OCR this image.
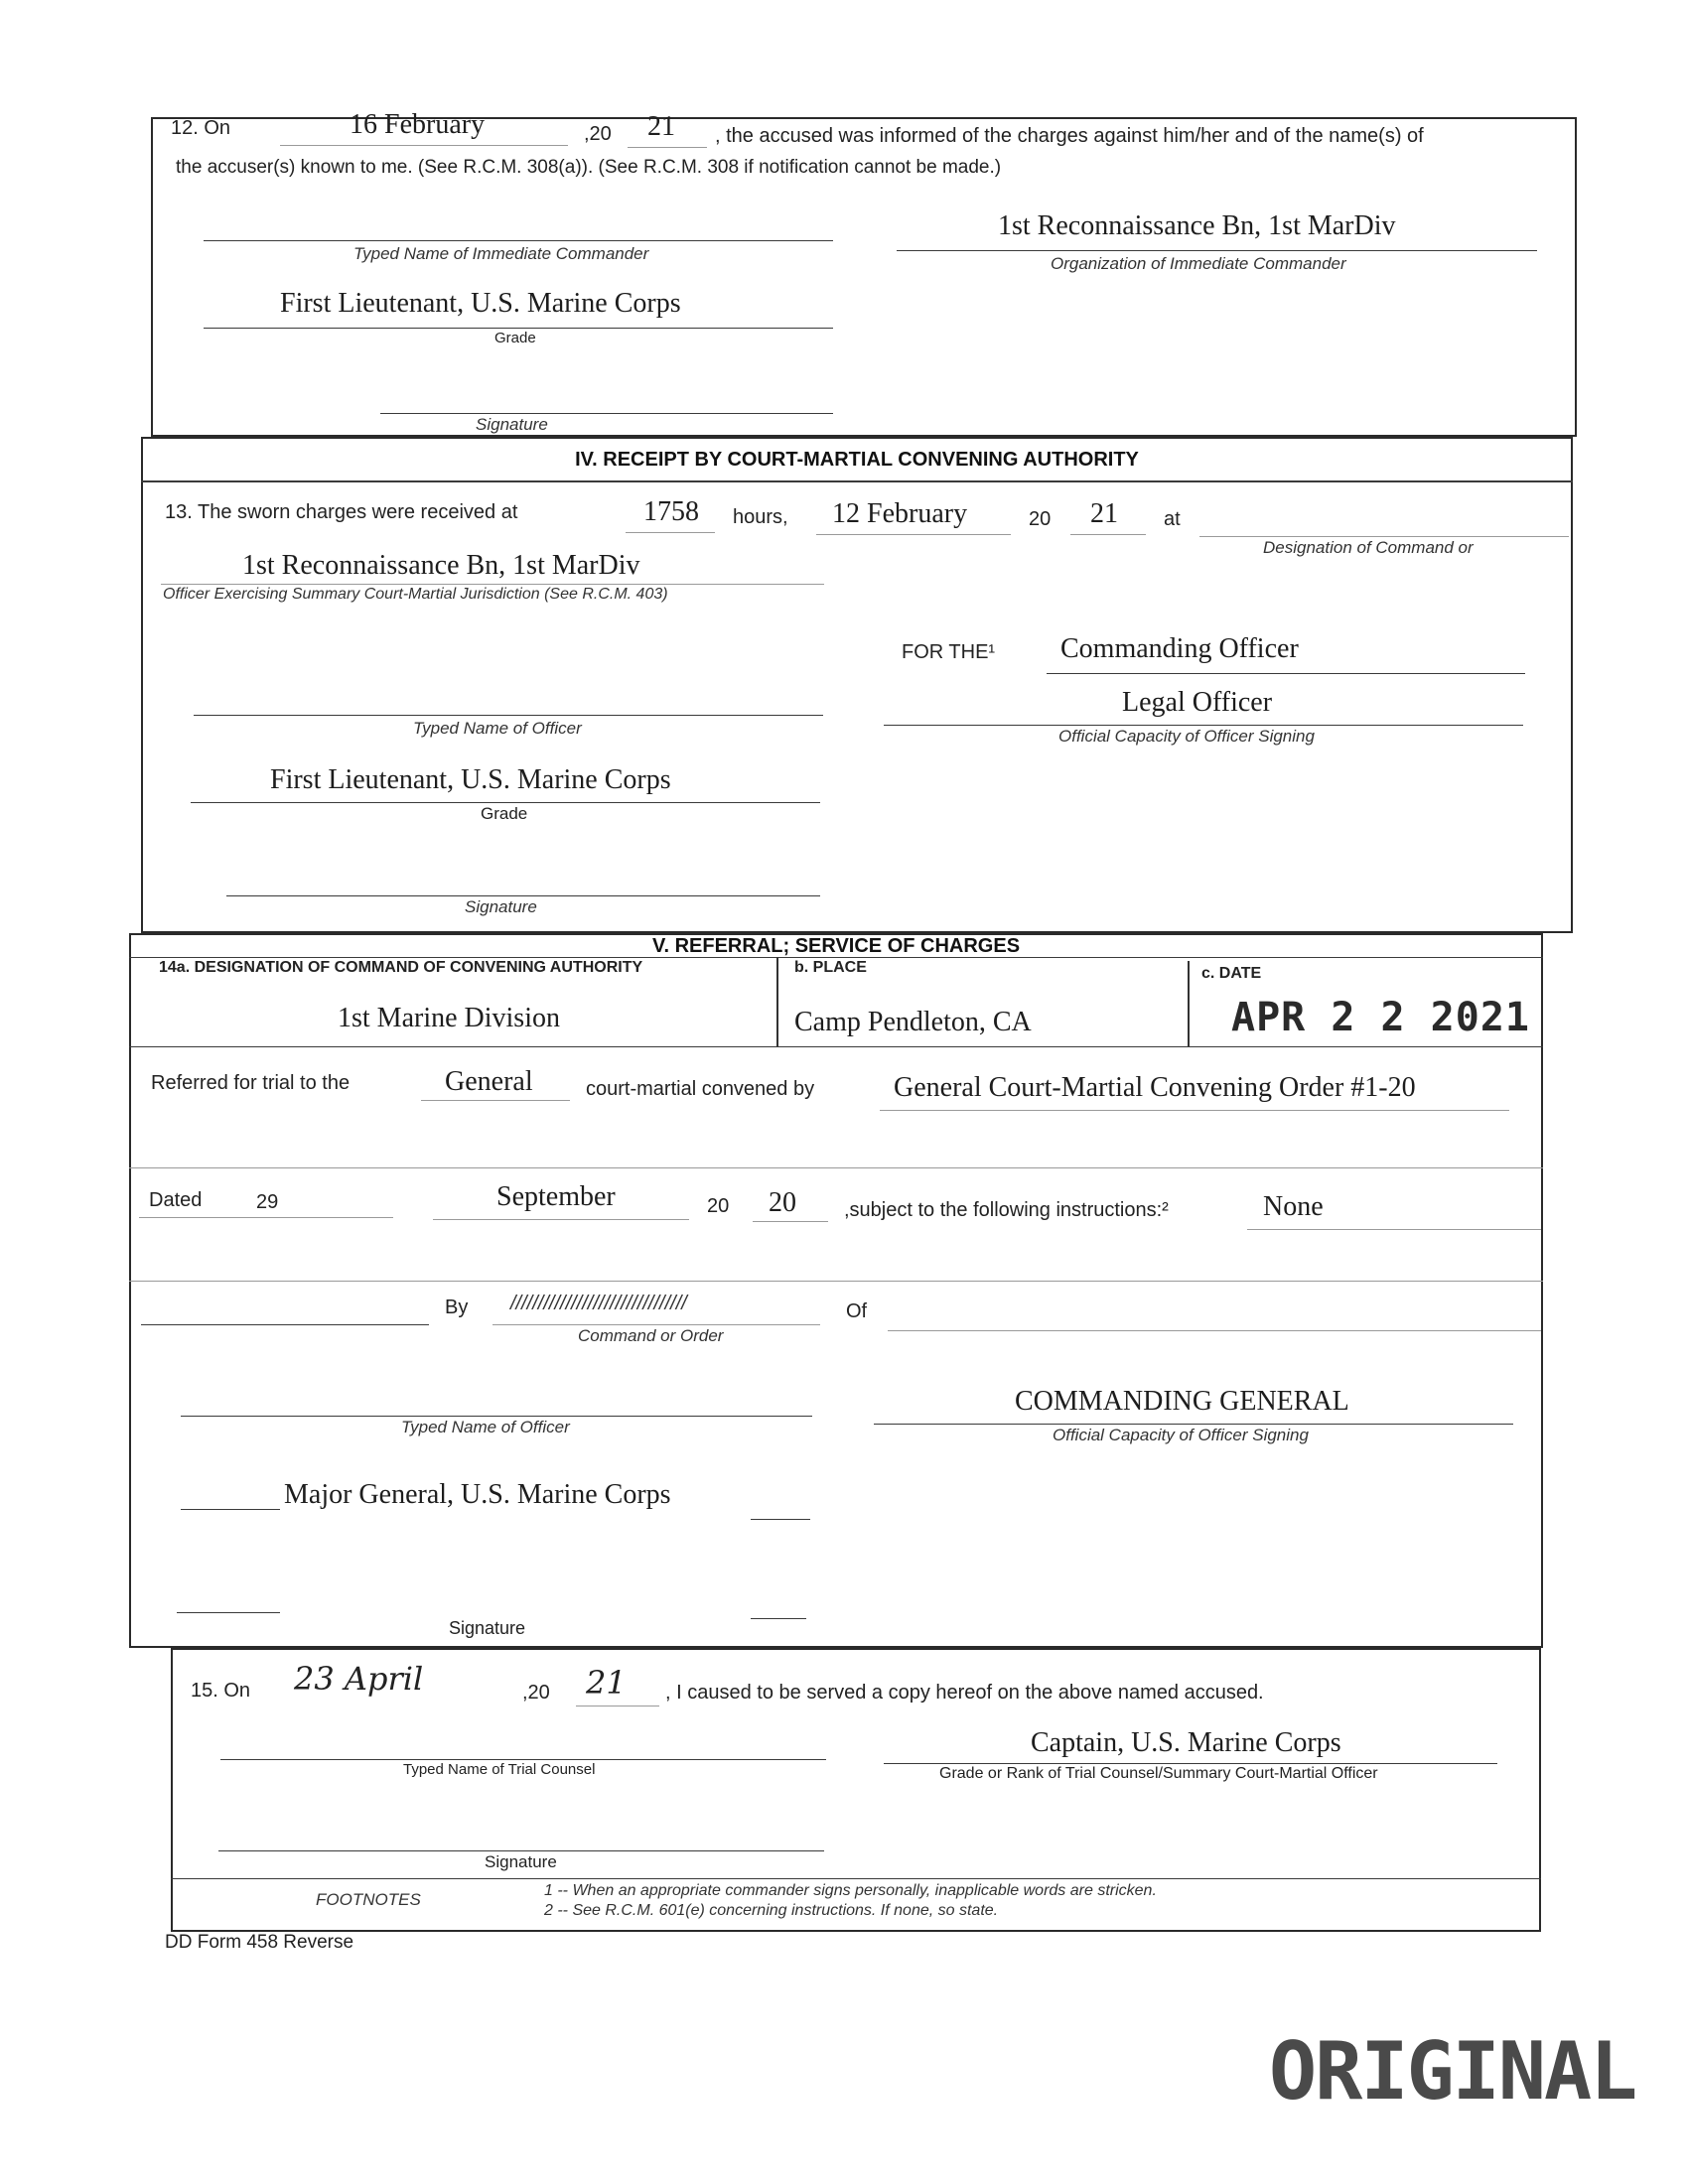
12. On	16 February	,20 21 , the accused was informed of the charges against him/her and of the name(s) of
the accuser(s) known to me. (See R.C.M. 308(a)). (See R.C.M. 308 if notification cannot be made.)
Typed Name of Immediate Commander
1st Reconnaissance Bn, 1st MarDiv
Organization of Immediate Commander
First Lieutenant, U.S. Marine Corps
Grade
Signature
IV. RECEIPT BY COURT-MARTIAL CONVENING AUTHORITY
13. The sworn charges were received at	1758 hours, 12 February	20 21 at
Designation of Command or
1st Reconnaissance Bn, 1st MarDiv
Officer Exercising Summary Court-Martial Jurisdiction (See R.C.M. 403)
FOR THE¹ Commanding Officer
Legal Officer
Official Capacity of Officer Signing
Typed Name of Officer
First Lieutenant, U.S. Marine Corps
Grade
Signature
V. REFERRAL; SERVICE OF CHARGES
14a. DESIGNATION OF COMMAND OF CONVENING AUTHORITY
1st Marine Division
b. PLACE
Camp Pendleton, CA
c. DATE
APR 2 2 2021
Referred for trial to the	General	court-martial convened by	General Court-Martial Convening Order #1-20
Dated	29	September	20 20 ,subject to the following instructions:²	None
By ////////////////////////////////
Command or Order
Of
Typed Name of Officer
COMMANDING GENERAL
Official Capacity of Officer Signing
Major General, U.S. Marine Corps
Signature
15. On 23 April	,20 21 , I caused to be served a copy hereof on the above named accused.
Typed Name of Trial Counsel
Captain, U.S. Marine Corps
Grade or Rank of Trial Counsel/Summary Court-Martial Officer
Signature
FOOTNOTES	1 -- When an appropriate commander signs personally, inapplicable words are stricken.
2 -- See R.C.M. 601(e) concerning instructions. If none, so state.
DD Form 458 Reverse
ORIGINAL
